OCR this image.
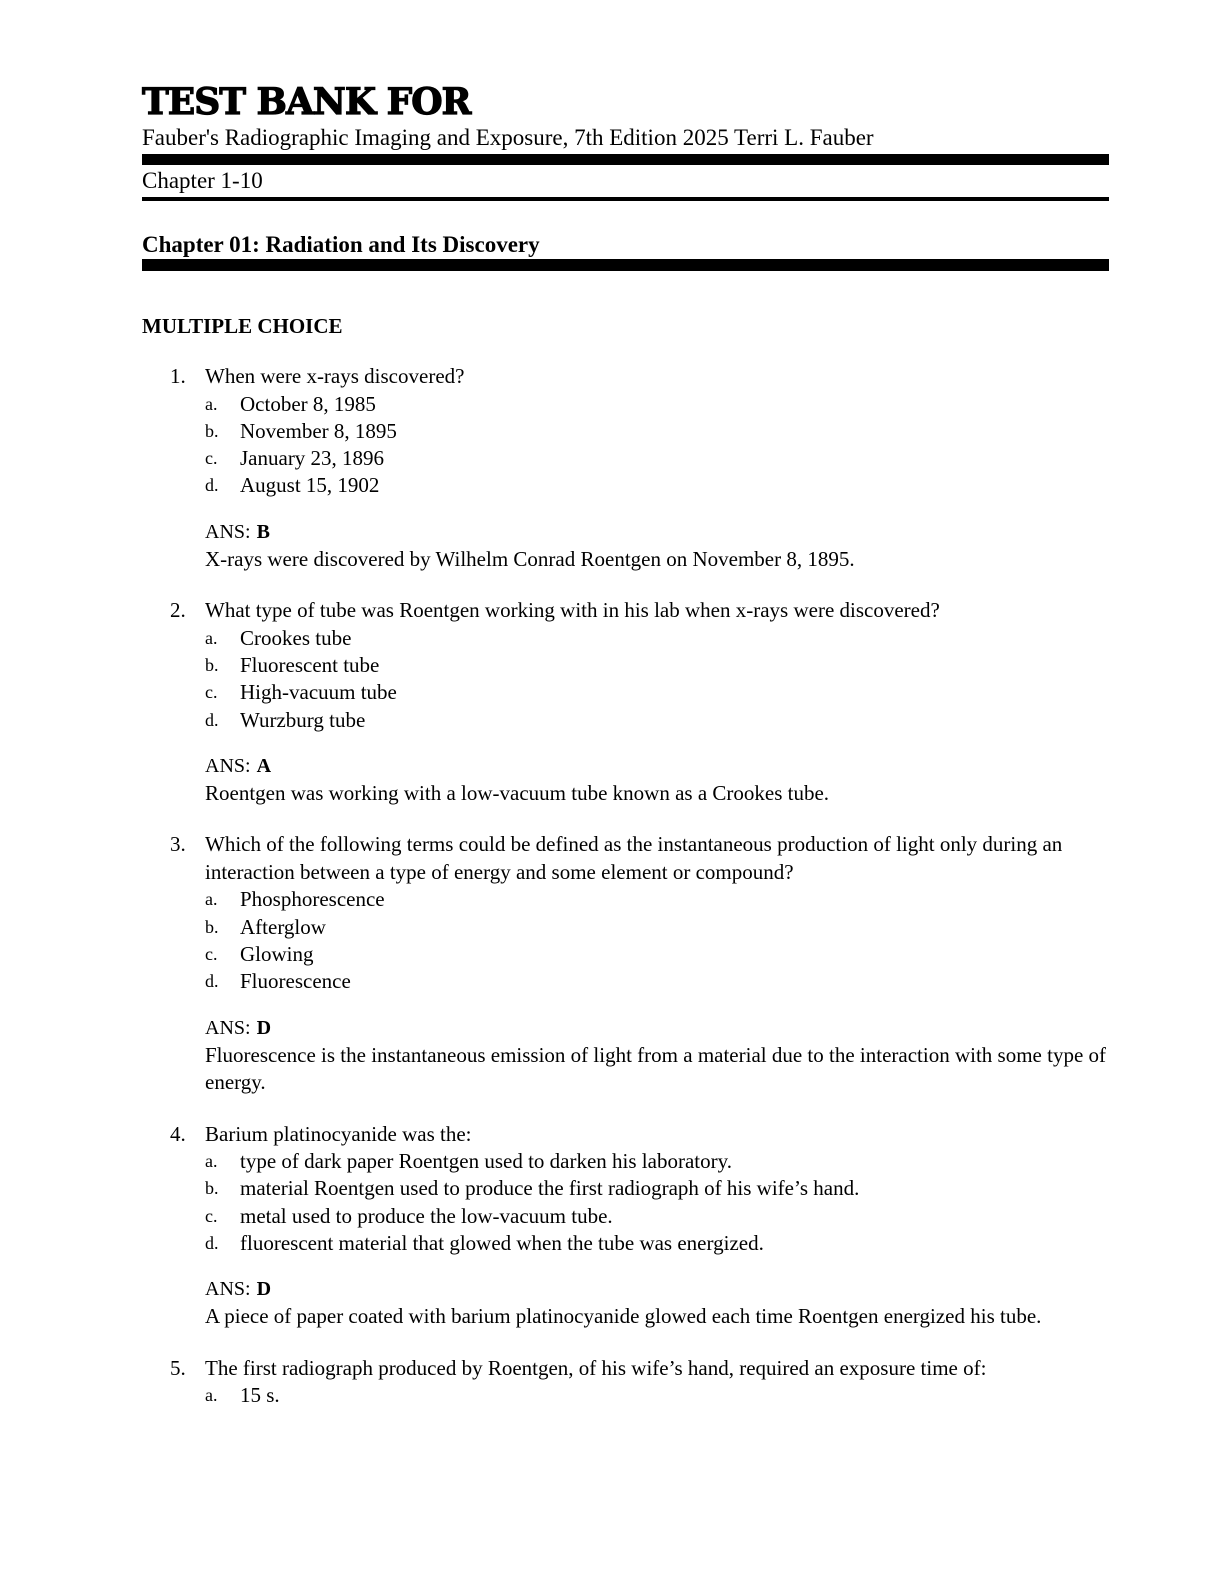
TEST BANK FOR
Fauber's Radiographic Imaging and Exposure, 7th Edition 2025 Terri L. Fauber
Chapter 1-10
Chapter 01: Radiation and Its Discovery
MULTIPLE CHOICE
1. When were x-rays discovered?
a. October 8, 1985
b. November 8, 1895
c. January 23, 1896
d. August 15, 1902
ANS: B
X-rays were discovered by Wilhelm Conrad Roentgen on November 8, 1895.
2. What type of tube was Roentgen working with in his lab when x-rays were discovered?
a. Crookes tube
b. Fluorescent tube
c. High-vacuum tube
d. Wurzburg tube
ANS: A
Roentgen was working with a low-vacuum tube known as a Crookes tube.
3. Which of the following terms could be defined as the instantaneous production of light only during an interaction between a type of energy and some element or compound?
a. Phosphorescence
b. Afterglow
c. Glowing
d. Fluorescence
ANS: D
Fluorescence is the instantaneous emission of light from a material due to the interaction with some type of energy.
4. Barium platinocyanide was the:
a. type of dark paper Roentgen used to darken his laboratory.
b. material Roentgen used to produce the first radiograph of his wife’s hand.
c. metal used to produce the low-vacuum tube.
d. fluorescent material that glowed when the tube was energized.
ANS: D
A piece of paper coated with barium platinocyanide glowed each time Roentgen energized his tube.
5. The first radiograph produced by Roentgen, of his wife’s hand, required an exposure time of:
a. 15 s.
